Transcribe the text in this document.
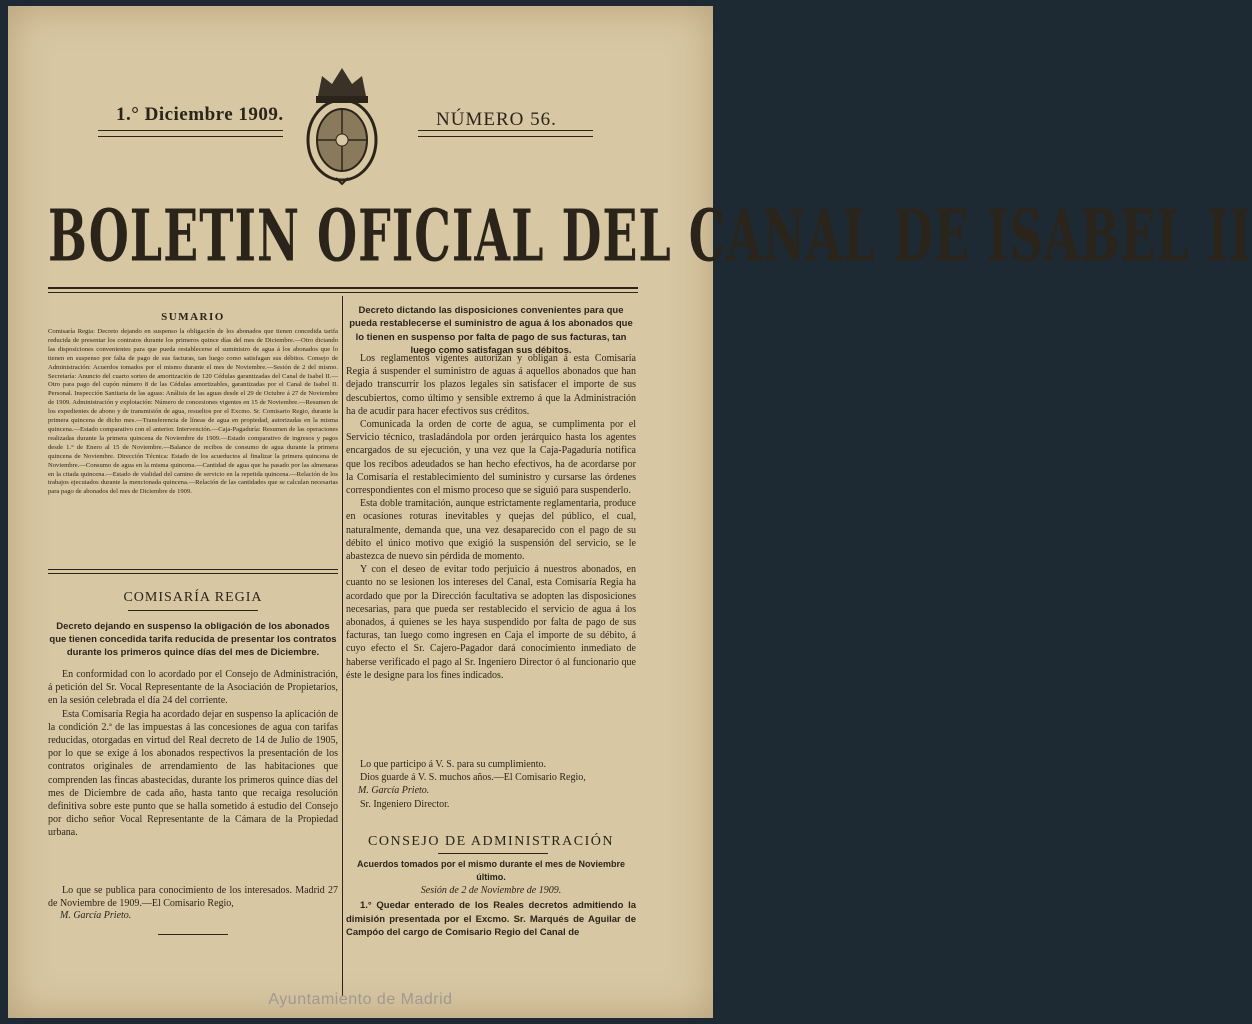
1.° Diciembre 1909.	NÚMERO 56.
BOLETIN OFICIAL DEL CANAL DE ISABEL II
SUMARIO
Comisaría Regia: Decreto dejando en suspenso la obligación de los abonados que tienen concedida tarifa reducida de presentar los contratos durante los primeros quince días del mes de Diciembre.—Otro dictando las disposiciones convenientes para que pueda restablecerse el suministro de agua á los abonados que lo tienen en suspenso por falta de pago de sus facturas, tan luego como satisfagan sus débitos. Consejo de Administración: Acuerdos tomados por el mismo durante el mes de Noviembre.—Sesión de 2 del mismo. Secretaría: Anuncio del cuarto sorteo de amortización de 120 Cédulas garantizadas del Canal de Isabel II.—Otro para pago del cupón número 8 de las Cédulas amortizables, garantizadas por el Canal de Isabel II. Personal. Inspección Sanitaria de las aguas: Análisis de las aguas desde el 29 de Octubre á 27 de Noviembre de 1909. Administración y explotación: Número de concesiones vigentes en 15 de Noviembre.—Resumen de los expedientes de abono y de transmisión de agua, resueltos por el Excmo. Sr. Comisario Regio, durante la primera quincena de dicho mes.—Transferencia de líneas de agua en propiedad, autorizadas en la misma quincena.—Estado comparativo con el anterior. Intervención.—Caja-Pagaduría: Resumen de las operaciones realizadas durante la primera quincena de Noviembre de 1909.—Estado comparativo de ingresos y pagos desde 1.° de Enero al 15 de Noviembre.—Balance de recibos de consumo de agua durante la primera quincena de Noviembre. Dirección Técnica: Estado de los acueductos al finalizar la primera quincena de Noviembre.—Consumo de agua en la misma quincena.—Cantidad de agua que ha pasado por las almenaras en la citada quincena.—Estado de vialidad del camino de servicio en la repetida quincena.—Relación de los trabajos ejecutados durante la mencionada quincena.—Relación de las cantidades que se calculan necesarias para pago de abonados del mes de Diciembre de 1909.
COMISARÍA REGIA
Decreto dejando en suspenso la obligación de los abonados que tienen concedida tarifa reducida de presentar los contratos durante los primeros quince días del mes de Diciembre.

En conformidad con lo acordado por el Consejo de Administración, á petición del Sr. Vocal Representante de la Asociación de Propietarios, en la sesión celebrada el día 24 del corriente.

Esta Comisaría Regia ha acordado dejar en suspenso la aplicación de la condición 2.ª de las impuestas á las concesiones de agua con tarifas reducidas, otorgadas en virtud del Real decreto de 14 de Julio de 1905, por lo que se exige á los abonados respectivos la presentación de los contratos originales de arrendamiento de las habitaciones que comprenden las fincas abastecidas, durante los primeros quince días del mes de Diciembre de cada año, hasta tanto que recaiga resolución definitiva sobre este punto que se halla sometido á estudio del Consejo por dicho señor Vocal Representante de la Cámara de la Propiedad urbana.

Lo que se publica para conocimiento de los interesados. Madrid 27 de Noviembre de 1909.—El Comisario Regio,

M. García Prieto.
Decreto dictando las disposiciones convenientes para que pueda restablecerse el suministro de agua á los abonados que lo tienen en suspenso por falta de pago de sus facturas, tan luego como satisfagan sus débitos.

Los reglamentos vigentes autorizan y obligan á esta Comisaría Regia á suspender el suministro de aguas á aquellos abonados que han dejado transcurrir los plazos legales sin satisfacer el importe de sus descubiertos, como último y sensible extremo á que la Administración ha de acudir para hacer efectivos sus créditos.

Comunicada la orden de corte de agua, se cumplimenta por el Servicio técnico, trasladándola por orden jerárquico hasta los agentes encargados de su ejecución, y una vez que la Caja-Pagaduría notifica que los recibos adeudados se han hecho efectivos, ha de acordarse por la Comisaría el restablecimiento del suministro y cursarse las órdenes correspondientes con el mismo proceso que se siguió para suspenderlo.

Esta doble tramitación, aunque estrictamente reglamentaria, produce en ocasiones roturas inevitables y quejas del público, el cual, naturalmente, demanda que, una vez desaparecido con el pago de su débito el único motivo que exigió la suspensión del servicio, se le abastezca de nuevo sin pérdida de momento.

Y con el deseo de evitar todo perjuicio á nuestros abonados, en cuanto no se lesionen los intereses del Canal, esta Comisaría Regia ha acordado que por la Dirección facultativa se adopten las disposiciones necesarias, para que pueda ser restablecido el servicio de agua á los abonados, á quienes se les haya suspendido por falta de pago de sus facturas, tan luego como ingresen en Caja el importe de su débito, á cuyo efecto el Sr. Cajero-Pagador dará conocimiento inmediato de haberse verificado el pago al Sr. Ingeniero Director ó al funcionario que éste le designe para los fines indicados.

Lo que participo á V. S. para su cumplimiento.

Dios guarde á V. S. muchos años.—El Comisario Regio,

M. García Prieto.

Sr. Ingeniero Director.

CONSEJO DE ADMINISTRACIÓN
Acuerdos tomados por el mismo durante el mes de Noviembre último.
Sesión de 2 de Noviembre de 1909.

1.° Quedar enterado de los Reales decretos admitiendo la dimisión presentada por el Excmo. Sr. Marqués de Aguilar de Campóo del cargo de Comisario Regio del Canal de

Ayuntamiento de Madrid
